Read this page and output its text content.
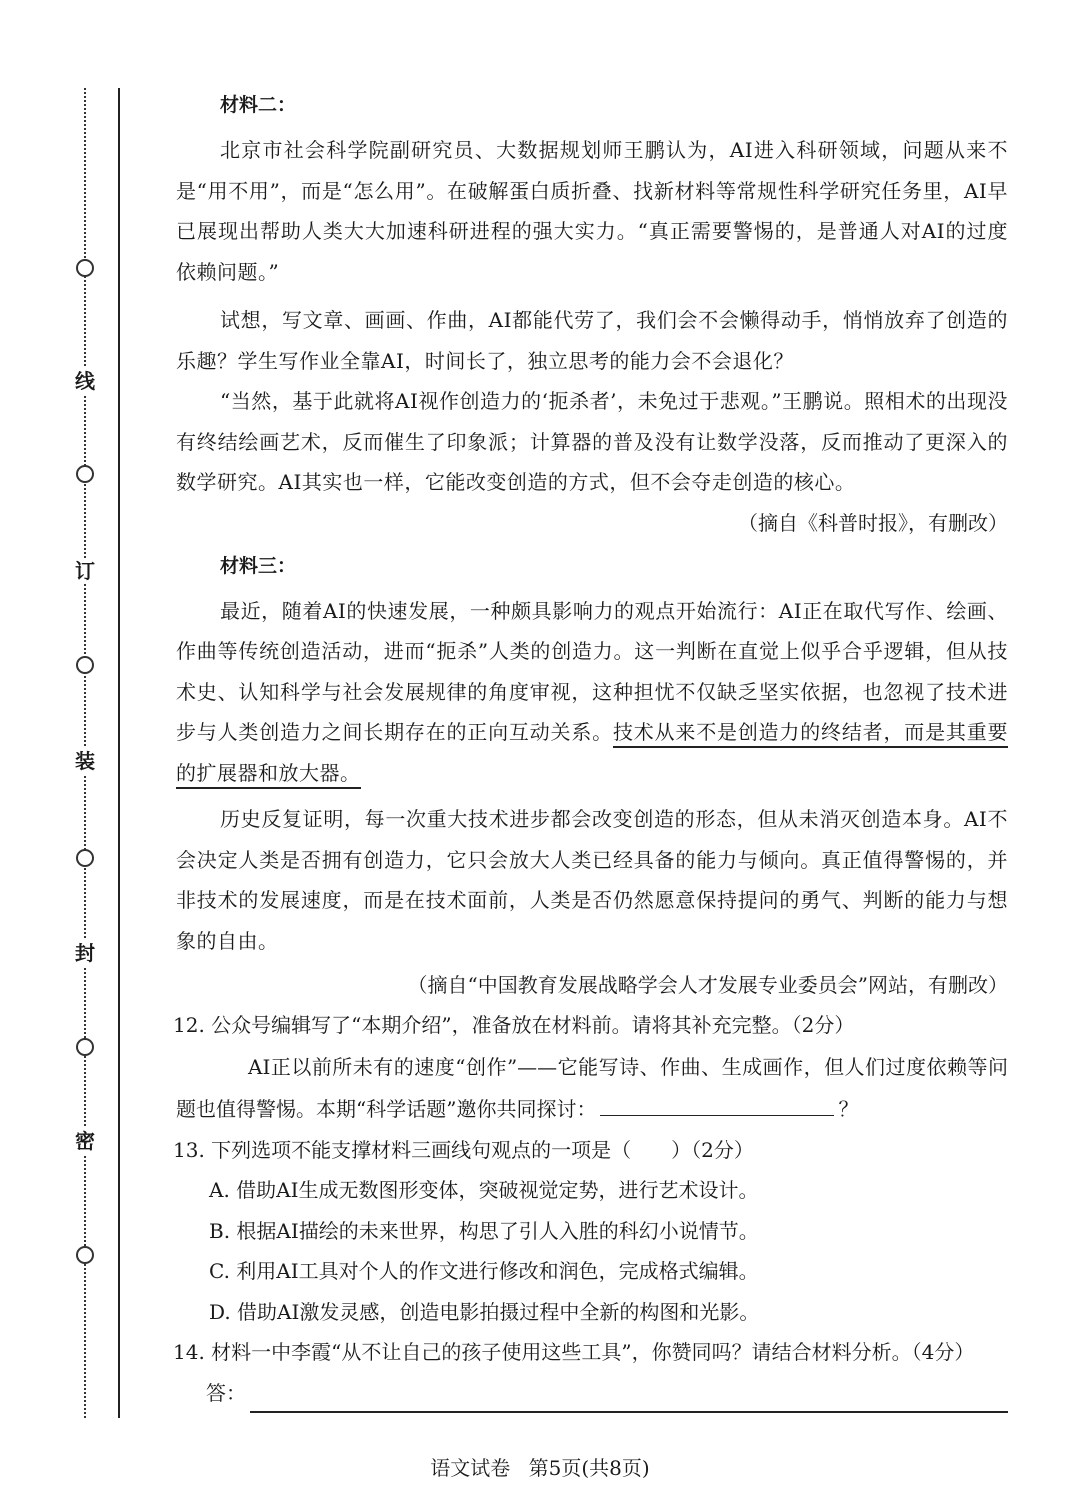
线
订
装
封
密
材料二：

北京市社会科学院副研究员、大数据规划师王鹏认为，AI进入科研领域，问题从来不是“用不用”，而是“怎么用”。在破解蛋白质折叠、找新材料等常规性科学研究任务里，AI早已展现出帮助人类大大加速科研进程的强大实力。“真正需要警惕的，是普通人对AI的过度依赖问题。”

试想，写文章、画画、作曲，AI都能代劳了，我们会不会懒得动手，悄悄放弃了创造的乐趣？学生写作业全靠AI，时间长了，独立思考的能力会不会退化？

“当然，基于此就将AI视作创造力的‘扼杀者’，未免过于悲观。”王鹏说。照相术的出现没有终结绘画艺术，反而催生了印象派；计算器的普及没有让数学没落，反而推动了更深入的数学研究。AI其实也一样，它能改变创造的方式，但不会夺走创造的核心。

（摘自《科普时报》，有删改）

材料三：

最近，随着AI的快速发展，一种颇具影响力的观点开始流行：AI正在取代写作、绘画、作曲等传统创造活动，进而“扼杀”人类的创造力。这一判断在直觉上似乎合乎逻辑，但从技术史、认知科学与社会发展规律的角度审视，这种担忧不仅缺乏坚实依据，也忽视了技术进步与人类创造力之间长期存在的正向互动关系。技术从来不是创造力的终结者，而是其重要的扩展器和放大器。

历史反复证明，每一次重大技术进步都会改变创造的形态，但从未消灭创造本身。AI不会决定人类是否拥有创造力，它只会放大人类已经具备的能力与倾向。真正值得警惕的，并非技术的发展速度，而是在技术面前，人类是否仍然愿意保持提问的勇气、判断的能力与想象的自由。

（摘自“中国教育发展战略学会人才发展专业委员会”网站，有删改）

12. 公众号编辑写了“本期介绍”，准备放在材料前。请将其补充完整。（2分）

AI正以前所未有的速度“创作”——它能写诗、作曲、生成画作，但人们过度依赖等问题也值得警惕。本期“科学话题”邀你共同探讨：	？

13. 下列选项不能支撑材料三画线句观点的一项是（ ）（2分）

A. 借助AI生成无数图形变体，突破视觉定势，进行艺术设计。

B. 根据AI描绘的未来世界，构思了引人入胜的科幻小说情节。

C. 利用AI工具对个人的作文进行修改和润色，完成格式编辑。

D. 借助AI激发灵感，创造电影拍摄过程中全新的构图和光影。

14. 材料一中李霞“从不让自己的孩子使用这些工具”，你赞同吗？请结合材料分析。（4分）

答：
语文试卷 第5页(共8页)
